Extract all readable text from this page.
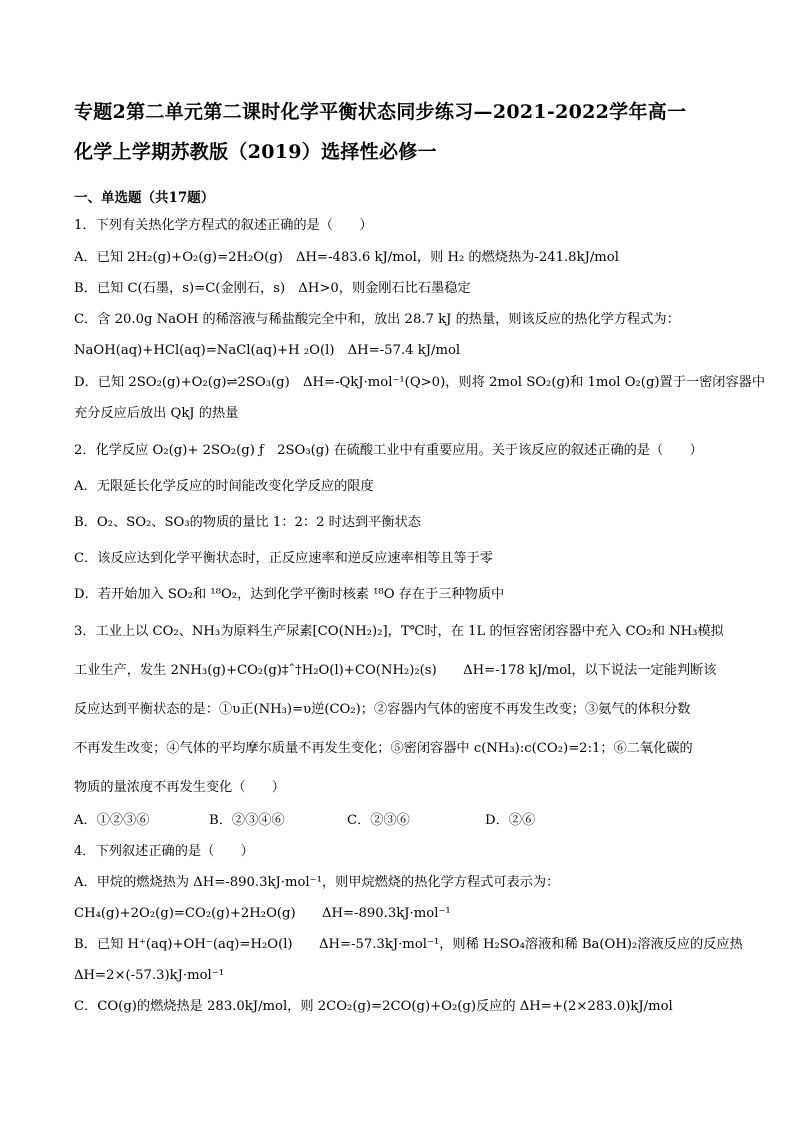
专题2第二单元第二课时化学平衡状态同步练习—2021-2022学年高一
化学上学期苏教版（2019）选择性必修一
一、单选题（共17题）
1．下列有关热化学方程式的叙述正确的是（　　）
A．已知 2H₂(g)+O₂(g)=2H₂O(g)　ΔH=-483.6 kJ/mol，则 H₂ 的燃烧热为-241.8kJ/mol
B．已知 C(石墨，s)=C(金刚石，s)　ΔH>0，则金刚石比石墨稳定
C．含 20.0g NaOH 的稀溶液与稀盐酸完全中和，放出 28.7 kJ 的热量，则该反应的热化学方程式为：
NaOH(aq)+HCl(aq)=NaCl(aq)+H ₂O(l)　ΔH=-57.4 kJ/mol
D．已知 2SO₂(g)+O₂(g)⇌2SO₃(g)　ΔH=-QkJ·mol⁻¹(Q>0)，则将 2mol SO₂(g)和 1mol O₂(g)置于一密闭容器中
充分反应后放出 QkJ 的热量
2．化学反应 O₂(g)+ 2SO₂(g) ƒ　2SO₃(g) 在硫酸工业中有重要应用。关于该反应的叙述正确的是（　　）
A．无限延长化学反应的时间能改变化学反应的限度
B．O₂、SO₂、SO₃的物质的量比 1：2：2 时达到平衡状态
C．该反应达到化学平衡状态时，正反应速率和逆反应速率相等且等于零
D．若开始加入 SO₂和 ¹⁸O₂，达到化学平衡时核素 ¹⁸O 存在于三种物质中
3．工业上以 CO₂、NH₃为原料生产尿素[CO(NH₂)₂]，T℃时，在 1L 的恒容密闭容器中充入 CO₂和 NH₃模拟
工业生产，发生 2NH₃(g)+CO₂(g)‡ˆ†H₂O(l)+CO(NH₂)₂(s)　　ΔH=-178 kJ/mol，以下说法一定能判断该
反应达到平衡状态的是：①υ正(NH₃)=υ逆(CO₂)；②容器内气体的密度不再发生改变；③氨气的体积分数
不再发生改变；④气体的平均摩尔质量不再发生变化；⑤密闭容器中 c(NH₃):c(CO₂)=2:1；⑥二氧化碳的
物质的量浓度不再发生变化（　　）
A．①②③⑥	B．②③④⑥	C．②③⑥	D．②⑥
4．下列叙述正确的是（　　）
A．甲烷的燃烧热为 ΔH=-890.3kJ·mol⁻¹，则甲烷燃烧的热化学方程式可表示为：
CH₄(g)+2O₂(g)=CO₂(g)+2H₂O(g)　　ΔH=-890.3kJ·mol⁻¹
B．已知 H⁺(aq)+OH⁻(aq)=H₂O(l)　　ΔH=-57.3kJ·mol⁻¹，则稀 H₂SO₄溶液和稀 Ba(OH)₂溶液反应的反应热
ΔH=2×(-57.3)kJ·mol⁻¹
C．CO(g)的燃烧热是 283.0kJ/mol，则 2CO₂(g)=2CO(g)+O₂(g)反应的 ΔH=+(2×283.0)kJ/mol
